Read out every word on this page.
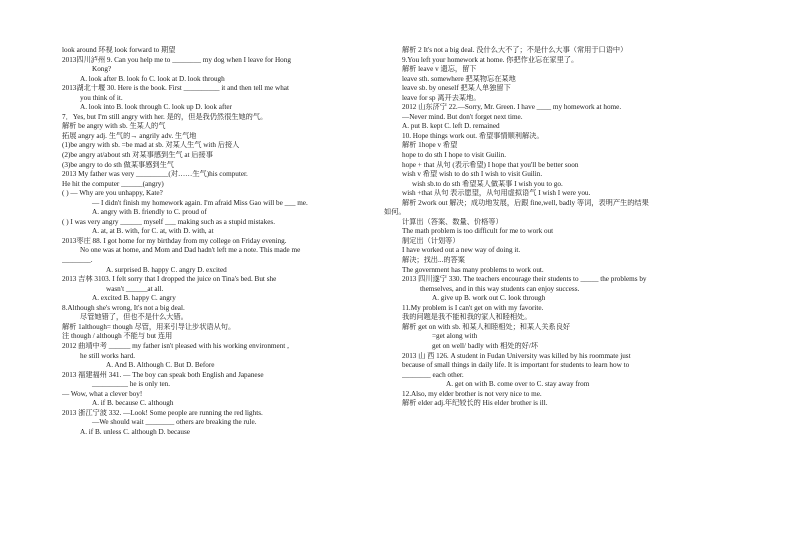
look around 环视 look forward to 期望
2013四川泸州 9. Can you help me to ________ my dog when I leave for Hong
Kong?
A. look after B. look fo C. look at D. look through
2013湖北十堰 30. Here is the book. First __________ it and then tell me what
you think of it.
A. look into B. look through C. look up D. look after
7．Yes, but I'm still angry with her. 是的，但是我仍然很生她的气。
解析 be angry with sb. 生某人的气
拓展 angry adj. 生气的→ angrily adv. 生气地
(1)be angry with sb. =be mad at sb. 对某人生气 with 后接人
(2)be angry at/about sth 对某事感到生气 at 后接事
(3)be angry to do sth 做某事感到生气
2013 My father was very _________(对……生气)his computer.
He hit the computer ______(angry)
( ) — Why are you unhappy, Kate?
— I didn't finish my homework again. I'm afraid Miss Gao will be ___ me.
A. angry with B. friendly to C. proud of
( ) I was very angry ______ myself ___ making such as a stupid mistakes.
A. at, at B. with, for C. at, with D. with, at
2013枣庄 88. I got home for my birthday from my college on Friday evening.
No one was at home, and Mom and Dad hadn't left me a note. This made me
________.
A. surprised B. happy C. angry D. excited
2013 吉林 3103. I felt sorry that I dropped the juice on Tina's bed. But she
wasn't ______at all.
A. excited B. happy C. angry
8.Although she's wrong, It's not a big deal.
尽管她错了，但也不是什么大错。
解析 1although= though 尽管，用来引导让步状语从句。
注 though / although 不能与 but 连用
2012 曲靖中考 ______ my father isn't pleased with his working environment ,
he still works hard.
A. And B. Although C. But D. Before
2013 福建福州 341. — The boy can speak both English and Japanese
__________ he is only ten.
— Wow, what a clever boy!
A. if B. because C. although
2013 浙江宁波 332. —Look! Some people are running the red lights.
—We should wait ________ others are breaking the rule.
A. if B. unless C. although D. because
解析 2 It's not a big deal. 没什么大不了；不是什么大事（常用于口语中）
9.You left your homework at home. 你把作业忘在家里了。
解析 leave v 遗忘，留下
leave sth. somewhere 把某物忘在某地
leave sb. by oneself 把某人单独留下
leave for sp 离开去某地。
2012 山东济宁 22.—Sorry, Mr. Green. I have ____ my homework at home.
—Never mind. But don't forget next time.
A. put B. kept C. left D. remained
10. Hope things work out. 希望事情顺利解决。
解析 1hope v 希望
hope to do sth I hope to visit Guilin.
hope + that 从句 (表示希望) I hope that you'll be better soon
wish v 希望 wish to do sth I wish to visit Guilin.
wish sb.to do sth 希望某人做某事 I wish you to go.
wish +that 从句 表示愿望，从句用虚拟语气 I wish I were you.
解析 2work out 解决；成功地发展，后跟 fine,well, badly 等词，表明产生的结果
如何。
计算出（答案、数量、价格等）
The math problem is too difficult for me to work out
制定出（计划等）
I have worked out a new way of doing it.
解决；找出...的答案
The government has many problems to work out.
2013 四川遂宁 330. The teachers encourage their students to _____ the problems by
themselves, and in this way students can enjoy success.
A. give up B. work out C. look through
11.My problem is I can't get on with my favorite.
我的问题是我不能和我的家人和睦相处。
解析 get on with sb. 和某人和睦相处；和某人关系良好
=get along with
get on well/ badly with 相处的好/坏
2013 山 西 126. A student in Fudan University was killed by his roommate just
because of small things in daily life. It is important for students to learn how to
________ each other.
A. get on with B. come over to C. stay away from
12.Also, my elder brother is not very nice to me.
解析 elder adj.年纪较长的 His elder brother is ill.
